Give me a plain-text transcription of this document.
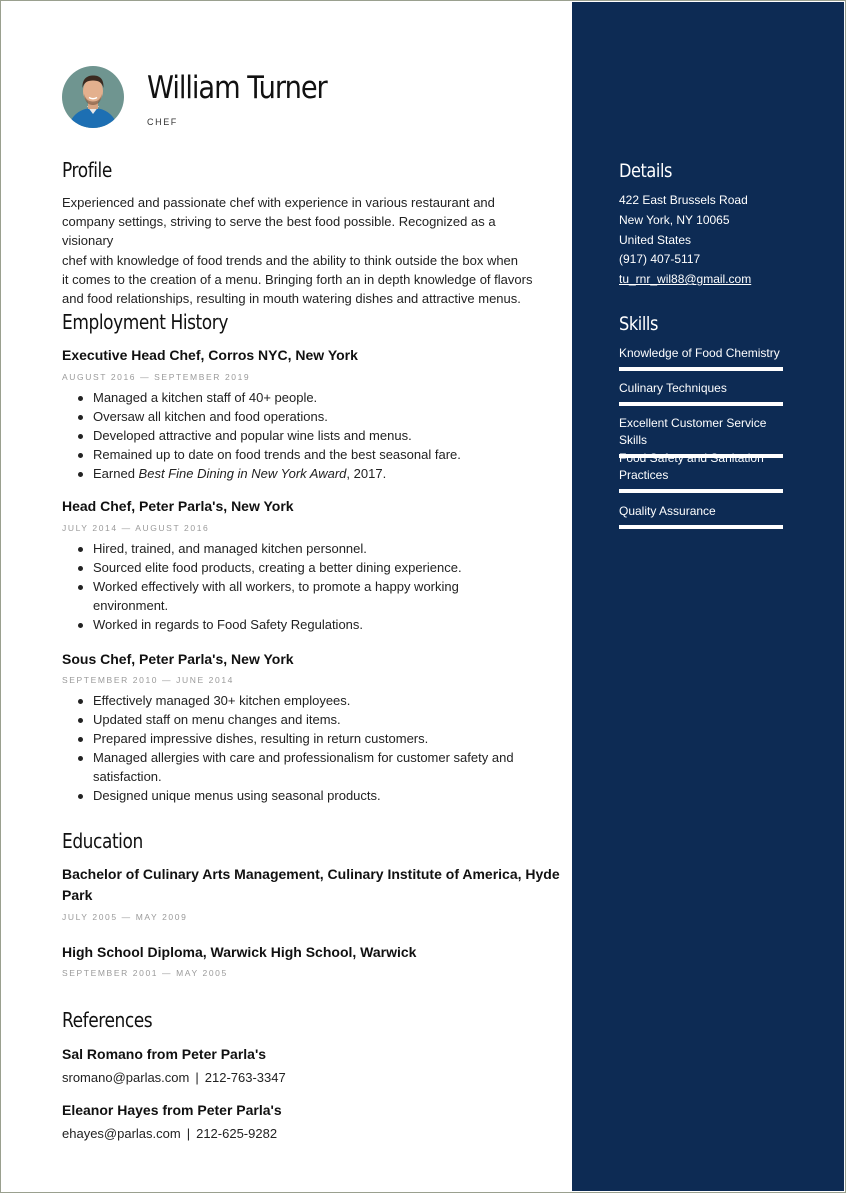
William Turner
CHEF
Profile
Experienced and passionate chef with experience in various restaurant and
company settings, striving to serve the best food possible. Recognized as a visionary
chef with knowledge of food trends and the ability to think outside the box when
it comes to the creation of a menu. Bringing forth an in depth knowledge of flavors
and food relationships, resulting in mouth watering dishes and attractive menus.
Employment History
Executive Head Chef, Corros NYC, New York
AUGUST 2016 — SEPTEMBER 2019
Managed a kitchen staff of 40+ people.
Oversaw all kitchen and food operations.
Developed attractive and popular wine lists and menus.
Remained up to date on food trends and the best seasonal fare.
Earned Best Fine Dining in New York Award, 2017.
Head Chef, Peter Parla's, New York
JULY 2014 — AUGUST 2016
Hired, trained, and managed kitchen personnel.
Sourced elite food products, creating a better dining experience.
Worked effectively with all workers, to promote a happy working
environment.
Worked in regards to Food Safety Regulations.
Sous Chef, Peter Parla's, New York
SEPTEMBER 2010 — JUNE 2014
Effectively managed 30+ kitchen employees.
Updated staff on menu changes and items.
Prepared impressive dishes, resulting in return customers.
Managed allergies with care and professionalism for customer safety and
satisfaction.
Designed unique menus using seasonal products.
Education
Bachelor of Culinary Arts Management, Culinary Institute of America, Hyde
Park
JULY 2005 — MAY 2009
High School Diploma, Warwick High School, Warwick
SEPTEMBER 2001 — MAY 2005
References
Sal Romano from Peter Parla's
sromano@parlas.com | 212-763-3347
Eleanor Hayes from Peter Parla's
ehayes@parlas.com | 212-625-9282
Details
422 East Brussels Road
New York, NY 10065
United States
(917) 407-5117
tu_rnr_wil88@gmail.com
Skills
Knowledge of Food Chemistry
Culinary Techniques
Excellent Customer Service Skills
Food Safety and Sanitation
Practices
Quality Assurance
